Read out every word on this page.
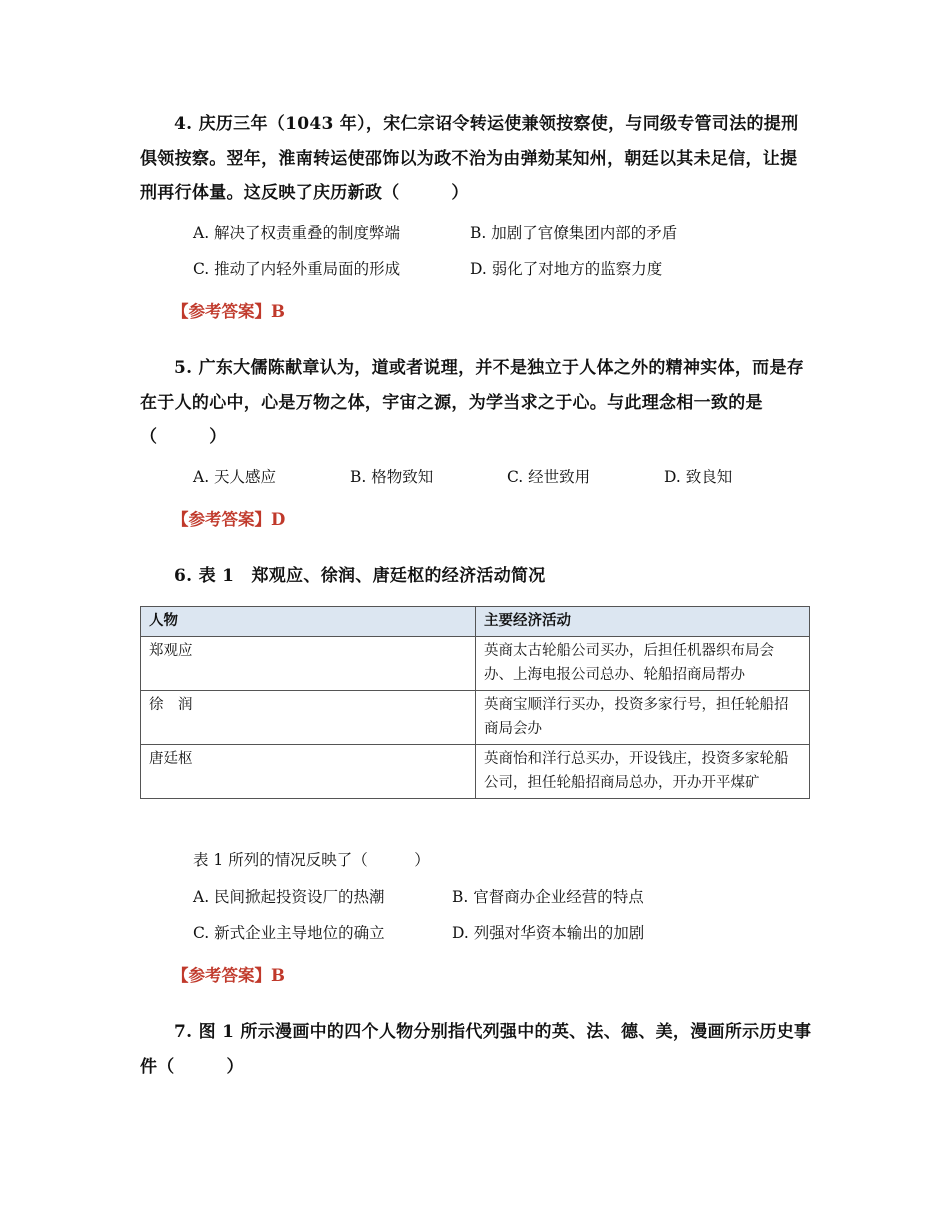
4. 庆历三年（1043 年），宋仁宗诏令转运使兼领按察使，与同级专管司法的提刑俱领按察。翌年，淮南转运使邵饰以为政不治为由弹劾某知州，朝廷以其未足信，让提刑再行体量。这反映了庆历新政（　　　）

A. 解决了权责重叠的制度弊端	B. 加剧了官僚集团内部的矛盾
C. 推动了内轻外重局面的形成	D. 弱化了对地方的监察力度
【参考答案】B

5. 广东大儒陈献章认为，道或者说理，并不是独立于人体之外的精神实体，而是存在于人的心中，心是万物之体，宇宙之源，为学当求之于心。与此理念相一致的是（　　　）

A. 天人感应	B. 格物致知	C. 经世致用	D. 致良知
【参考答案】D

6. 表 1　郑观应、徐润、唐廷枢的经济活动简况

人物	主要经济活动
郑观应	英商太古轮船公司买办，后担任机器织布局会办、上海电报公司总办、轮船招商局帮办
徐　润	英商宝顺洋行买办，投资多家行号，担任轮船招商局会办
唐廷枢	英商怡和洋行总买办，开设钱庄，投资多家轮船公司，担任轮船招商局总办，开办开平煤矿
表 1 所列的情况反映了（　　　）
A. 民间掀起投资设厂的热潮	B. 官督商办企业经营的特点
C. 新式企业主导地位的确立	D. 列强对华资本输出的加剧
【参考答案】B

7. 图 1 所示漫画中的四个人物分别指代列强中的英、法、德、美，漫画所示历史事件（　　　）
